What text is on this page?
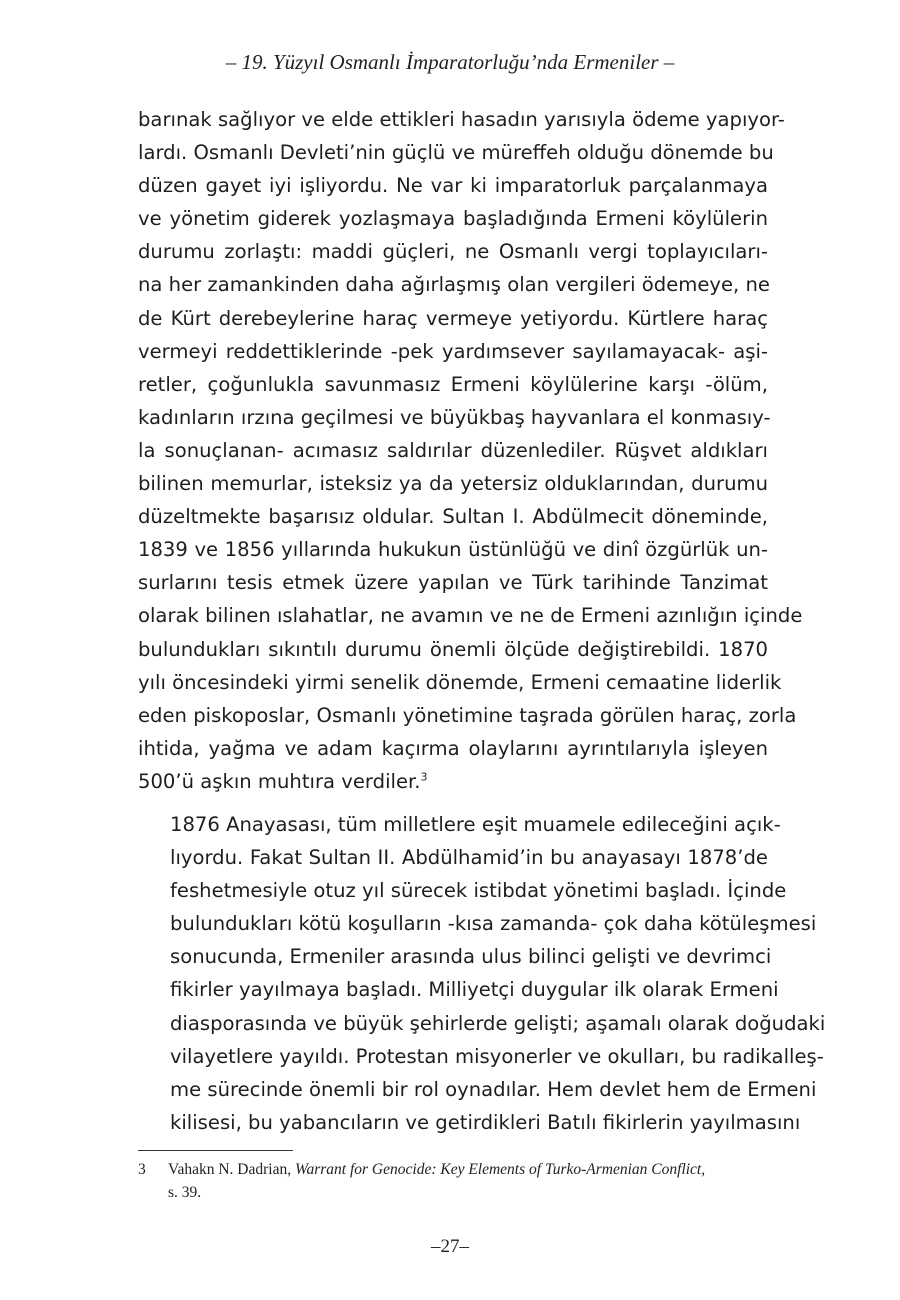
– 19. Yüzyıl Osmanlı İmparatorluğu’nda Ermeniler –

barınak sağlıyor ve elde ettikleri hasadın yarısıyla ödeme yapıyor-
lardı. Osmanlı Devleti’nin güçlü ve müreffeh olduğu dönemde bu
düzen gayet iyi işliyordu. Ne var ki imparatorluk parçalanmaya
ve yönetim giderek yozlaşmaya başladığında Ermeni köylülerin
durumu zorlaştı: maddi güçleri, ne Osmanlı vergi toplayıcıları-
na her zamankinden daha ağırlaşmış olan vergileri ödemeye, ne
de Kürt derebeylerine haraç vermeye yetiyordu. Kürtlere haraç
vermeyi reddettiklerinde -pek yardımsever sayılamayacak- aşi-
retler, çoğunlukla savunmasız Ermeni köylülerine karşı -ölüm,
kadınların ırzına geçilmesi ve büyükbaş hayvanlara el konmasıy-
la sonuçlanan- acımasız saldırılar düzenlediler. Rüşvet aldıkları
bilinen memurlar, isteksiz ya da yetersiz olduklarından, durumu
düzeltmekte başarısız oldular. Sultan I. Abdülmecit döneminde,
1839 ve 1856 yıllarında hukukun üstünlüğü ve dinî özgürlük un-
surlarını tesis etmek üzere yapılan ve Türk tarihinde Tanzimat
olarak bilinen ıslahatlar, ne avamın ve ne de Ermeni azınlığın içinde
bulundukları sıkıntılı durumu önemli ölçüde değiştirebildi. 1870
yılı öncesindeki yirmi senelik dönemde, Ermeni cemaatine liderlik
eden piskoposlar, Osmanlı yönetimine taşrada görülen haraç, zorla
ihtida, yağma ve adam kaçırma olaylarını ayrıntılarıyla işleyen
500’ü aşkın muhtıra verdiler.$^3$

1876 Anayasası, tüm milletlere eşit muamele edileceğini açık-
lıyordu. Fakat Sultan II. Abdülhamid’in bu anayasayı 1878’de
feshetmesiyle otuz yıl sürecek istibdat yönetimi başladı. İçinde
bulundukları kötü koşulların -kısa zamanda- çok daha kötüleşmesi
sonucunda, Ermeniler arasında ulus bilinci gelişti ve devrimci
fikirler yayılmaya başladı. Milliyetçi duygular ilk olarak Ermeni
diasporasında ve büyük şehirlerde gelişti; aşamalı olarak doğudaki
vilayetlere yayıldı. Protestan misyonerler ve okulları, bu radikalleş-
me sürecinde önemli bir rol oynadılar. Hem devlet hem de Ermeni
kilisesi, bu yabancıların ve getirdikleri Batılı fikirlerin yayılmasını

3 Vahakn N. Dadrian, Warrant for Genocide: Key Elements of Turko-Armenian Conflict,
s. 39.
–27–
